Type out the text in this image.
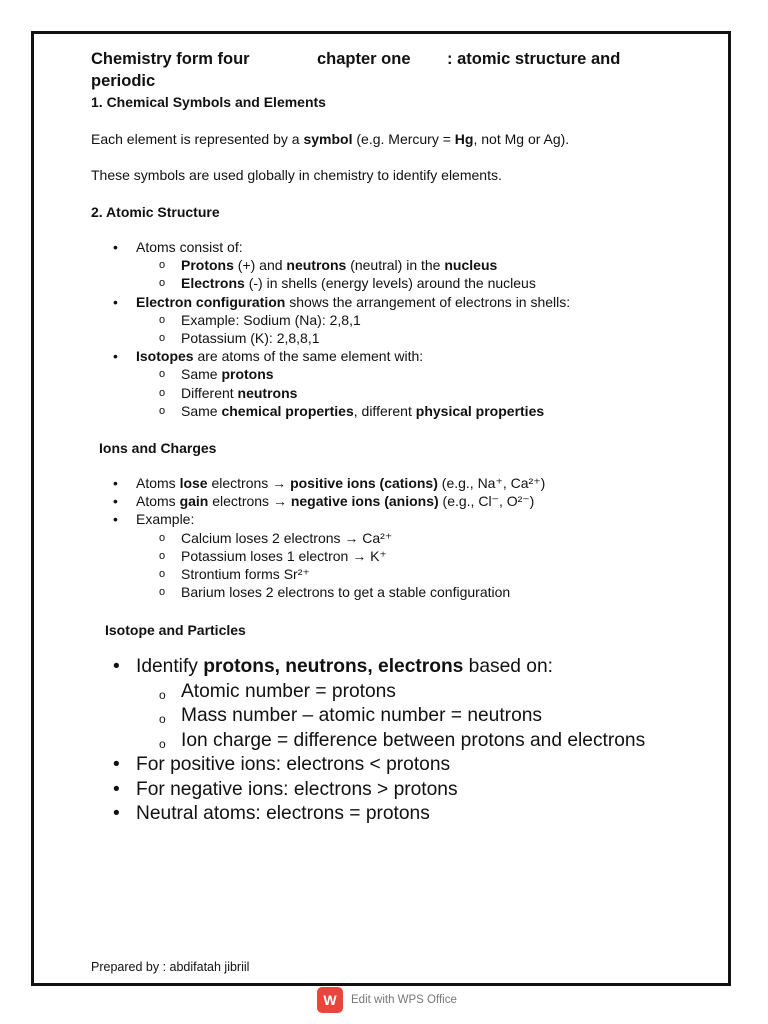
Chemistry form four	chapter one : atomic structure and
periodic
1. Chemical Symbols and Elements
Each element is represented by a symbol (e.g. Mercury = Hg, not Mg or Ag).
These symbols are used globally in chemistry to identify elements.
2. Atomic Structure
• Atoms consist of:
o Protons (+) and neutrons (neutral) in the nucleus
o Electrons (-) in shells (energy levels) around the nucleus
• Electron configuration shows the arrangement of electrons in shells:
o Example: Sodium (Na): 2,8,1
o Potassium (K): 2,8,8,1
• Isotopes are atoms of the same element with:
o Same protons
o Different neutrons
o Same chemical properties, different physical properties
Ions and Charges
• Atoms lose electrons → positive ions (cations) (e.g., Na⁺, Ca²⁺)
• Atoms gain electrons → negative ions (anions) (e.g., Cl⁻, O²⁻)
• Example:
o Calcium loses 2 electrons → Ca²⁺
o Potassium loses 1 electron → K⁺
o Strontium forms Sr²⁺
o Barium loses 2 electrons to get a stable configuration
Isotope and Particles
• Identify protons, neutrons, electrons based on:
o Atomic number = protons
o Mass number – atomic number = neutrons
o Ion charge = difference between protons and electrons
• For positive ions: electrons < protons
• For negative ions: electrons > protons
• Neutral atoms: electrons = protons
Prepared by : abdifatah jibriil
W	Edit with WPS Office
